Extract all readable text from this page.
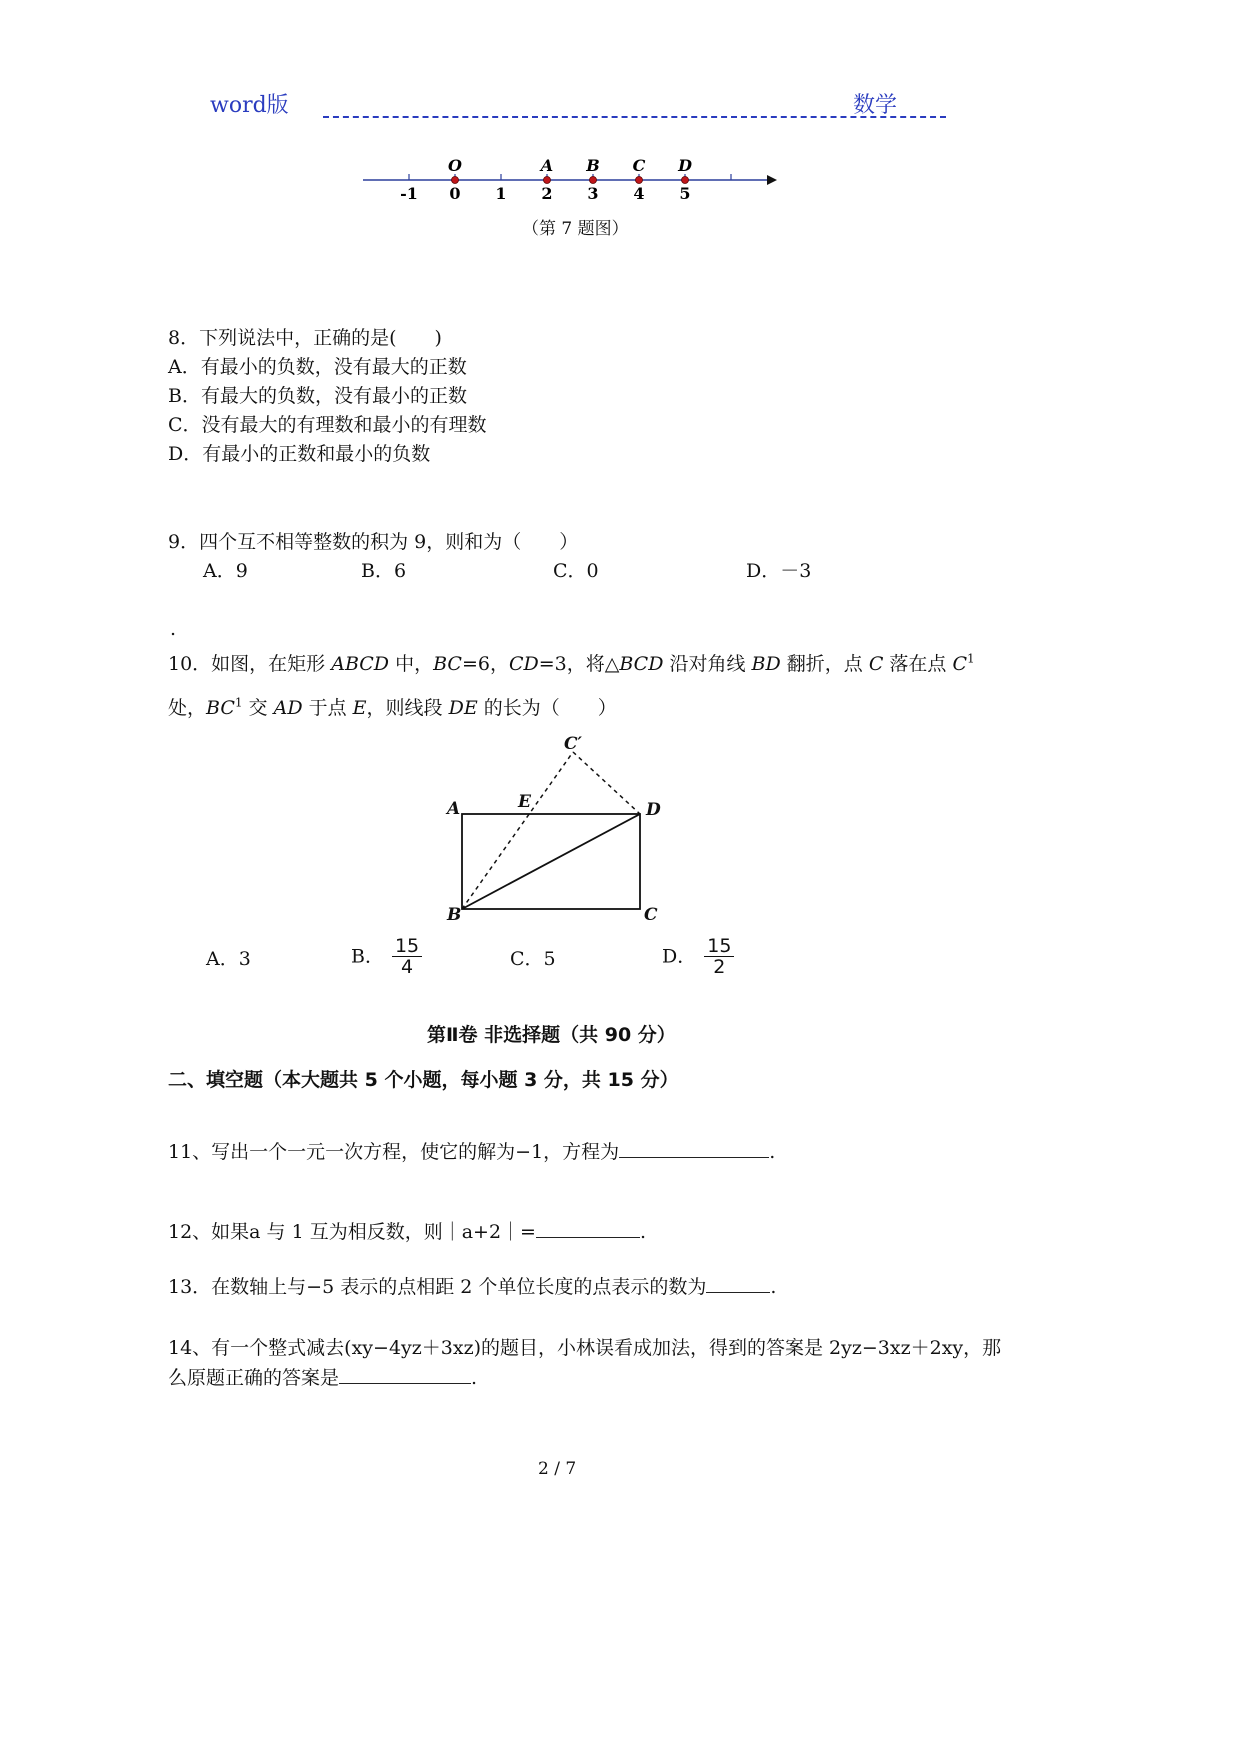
word版	数学
-1 0 1 2 3 4 5
O	A B C D
（第 7 题图）
8．下列说法中，正确的是(　　)
A．有最小的负数，没有最大的正数
B．有最大的负数，没有最小的正数
C．没有最大的有理数和最小的有理数
D．有最小的正数和最小的负数
9．四个互不相等整数的积为 9，则和为（　　）
A．9	B．6	C．0	D．－3
.
10．如图，在矩形 ABCD 中，BC=6，CD=3，将△BCD 沿对角线 BD 翻折，点 C 落在点 $C^1$
处，$BC^1$ 交 AD 于点 E，则线段 DE 的长为（　　）
A	D
B	C
E
C′
A．3	B． $\frac{15}{4}$	C．5	D． $\frac{15}{2}$
第Ⅱ卷 非选择题（共 90 分）
二、填空题（本大题共 5 个小题，每小题 3 分，共 15 分）
11、写出一个一元一次方程，使它的解为−1，方程为	.
12、如果a 与 1 互为相反数，则｜a+2｜=	.
13．在数轴上与−5 表示的点相距 2 个单位长度的点表示的数为	.
14、有一个整式减去(xy−4yz＋3xz)的题目，小林误看成加法，得到的答案是 2yz−3xz＋2xy，那
么原题正确的答案是	.
2 / 7
